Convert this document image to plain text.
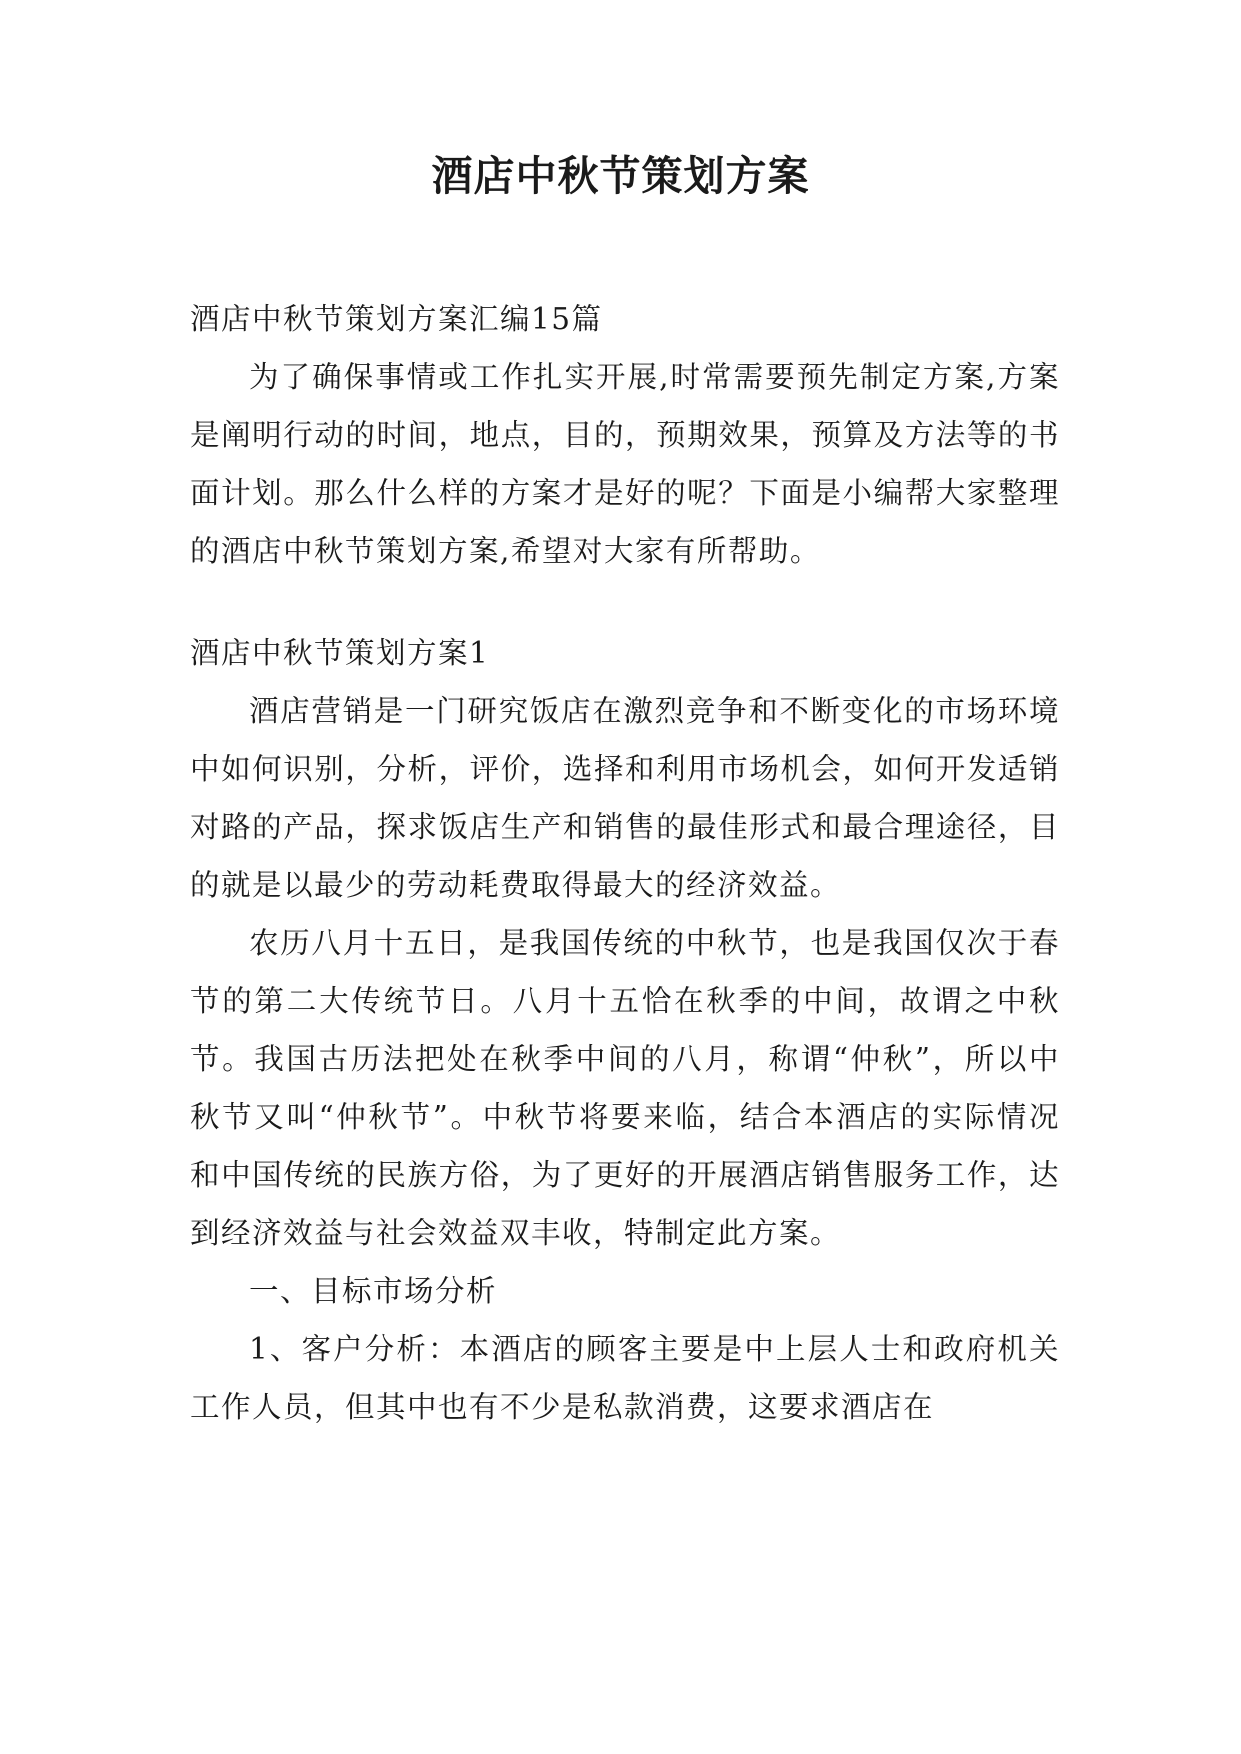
酒店中秋节策划方案

酒店中秋节策划方案汇编15篇

为了确保事情或工作扎实开展,时常需要预先制定方案,方案是阐明行动的时间，地点，目的，预期效果，预算及方法等的书面计划。那么什么样的方案才是好的呢？下面是小编帮大家整理的酒店中秋节策划方案,希望对大家有所帮助。

酒店中秋节策划方案1

酒店营销是一门研究饭店在激烈竞争和不断变化的市场环境中如何识别，分析，评价，选择和利用市场机会，如何开发适销对路的产品，探求饭店生产和销售的最佳形式和最合理途径，目的就是以最少的劳动耗费取得最大的经济效益。

农历八月十五日，是我国传统的中秋节，也是我国仅次于春节的第二大传统节日。八月十五恰在秋季的中间，故谓之中秋节。我国古历法把处在秋季中间的八月，称谓“仲秋”，所以中秋节又叫“仲秋节”。中秋节将要来临，结合本酒店的实际情况和中国传统的民族方俗，为了更好的开展酒店销售服务工作，达到经济效益与社会效益双丰收，特制定此方案。

一、目标市场分析

1、客户分析：本酒店的顾客主要是中上层人士和政府机关工作人员，但其中也有不少是私款消费，这要求酒店在
